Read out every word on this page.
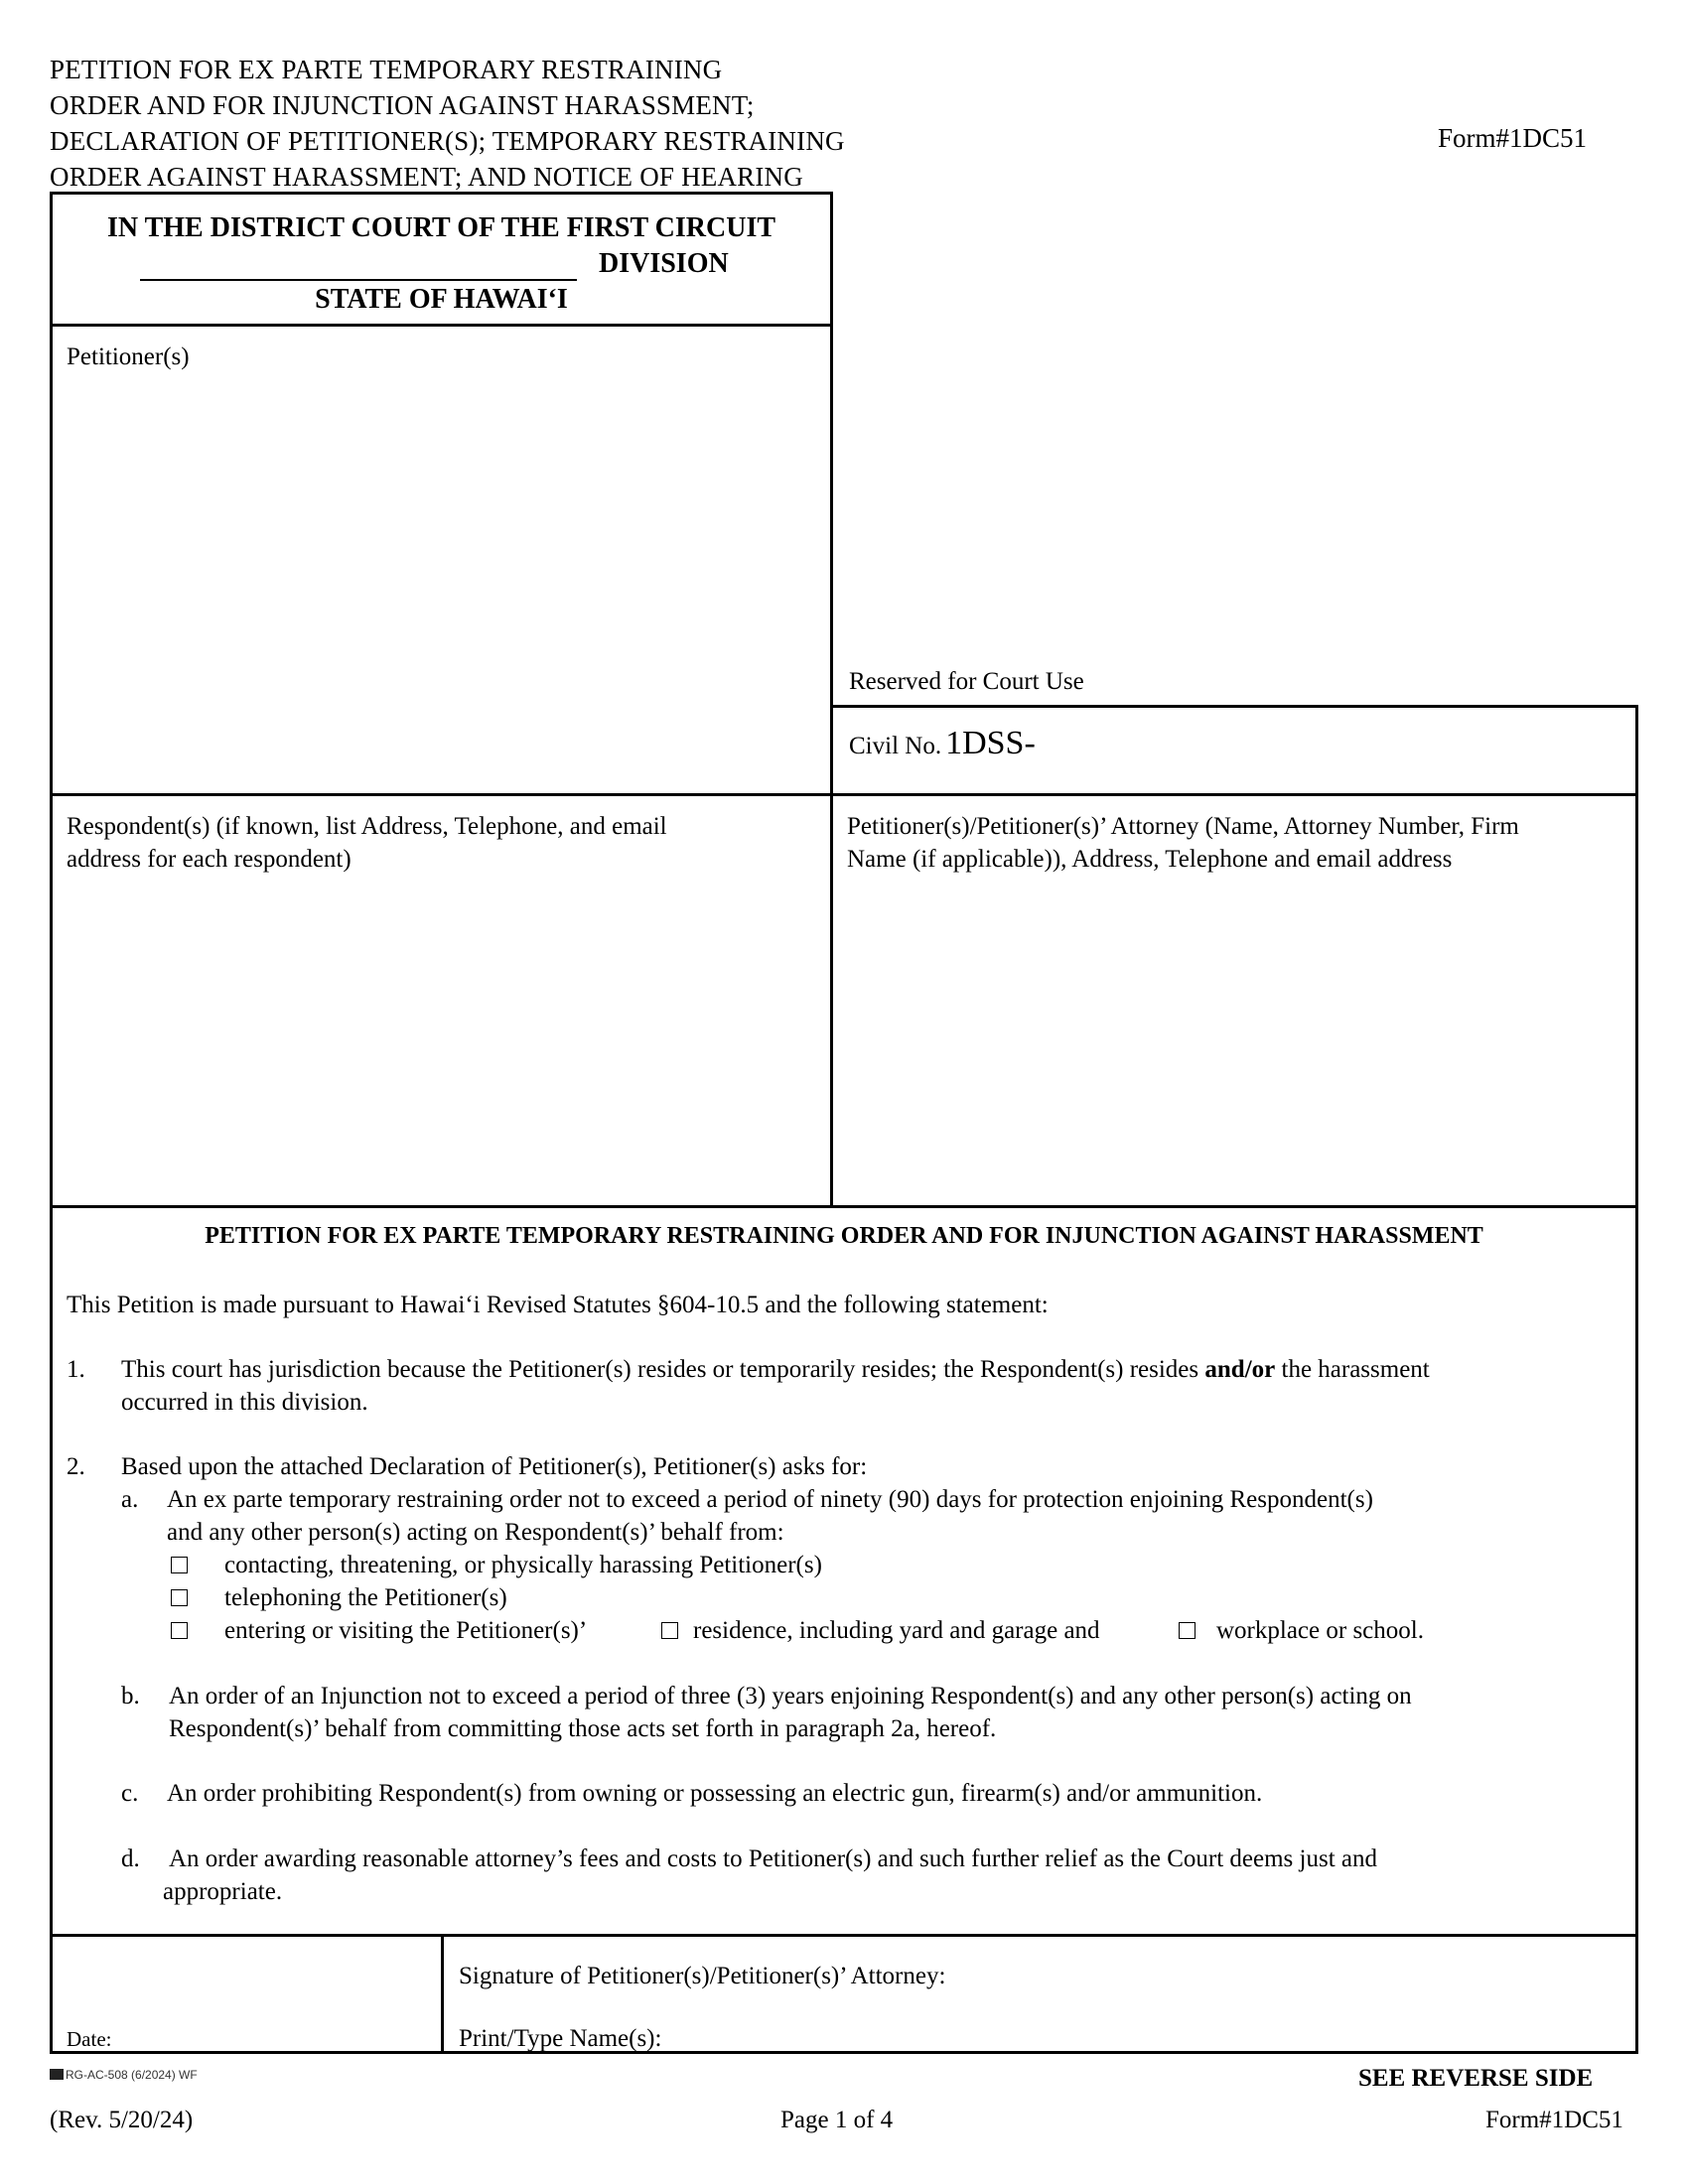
PETITION FOR EX PARTE TEMPORARY RESTRAINING
ORDER AND FOR INJUNCTION AGAINST HARASSMENT;
DECLARATION OF PETITIONER(S); TEMPORARY RESTRAINING
ORDER AGAINST HARASSMENT; AND NOTICE OF HEARING
Form#1DC51
IN THE DISTRICT COURT OF THE FIRST CIRCUIT
DIVISION
STATE OF HAWAI‘I
Petitioner(s)
Reserved for Court Use
Civil No. 1DSS-
Respondent(s) (if known, list Address, Telephone, and email
address for each respondent)
Petitioner(s)/Petitioner(s)’ Attorney (Name, Attorney Number, Firm
Name (if applicable)), Address, Telephone and email address
PETITION FOR EX PARTE TEMPORARY RESTRAINING ORDER AND FOR INJUNCTION AGAINST HARASSMENT
This Petition is made pursuant to Hawai‘i Revised Statutes §604-10.5 and the following statement:
1. This court has jurisdiction because the Petitioner(s) resides or temporarily resides; the Respondent(s) resides and/or the harassment
occurred in this division.
2. Based upon the attached Declaration of Petitioner(s), Petitioner(s) asks for:
a. An ex parte temporary restraining order not to exceed a period of ninety (90) days for protection enjoining Respondent(s)
and any other person(s) acting on Respondent(s)’ behalf from:
contacting, threatening, or physically harassing Petitioner(s)
telephoning the Petitioner(s)
entering or visiting the Petitioner(s)’	residence, including yard and garage and	workplace or school.
b. An order of an Injunction not to exceed a period of three (3) years enjoining Respondent(s) and any other person(s) acting on
Respondent(s)’ behalf from committing those acts set forth in paragraph 2a, hereof.
c. An order prohibiting Respondent(s) from owning or possessing an electric gun, firearm(s) and/or ammunition.
d. An order awarding reasonable attorney’s fees and costs to Petitioner(s) and such further relief as the Court deems just and
appropriate.
Date:
Signature of Petitioner(s)/Petitioner(s)’ Attorney:
Print/Type Name(s):
RG-AC-508 (6/2024) WF	SEE REVERSE SIDE
(Rev. 5/20/24)	Page 1 of 4	Form#1DC51
